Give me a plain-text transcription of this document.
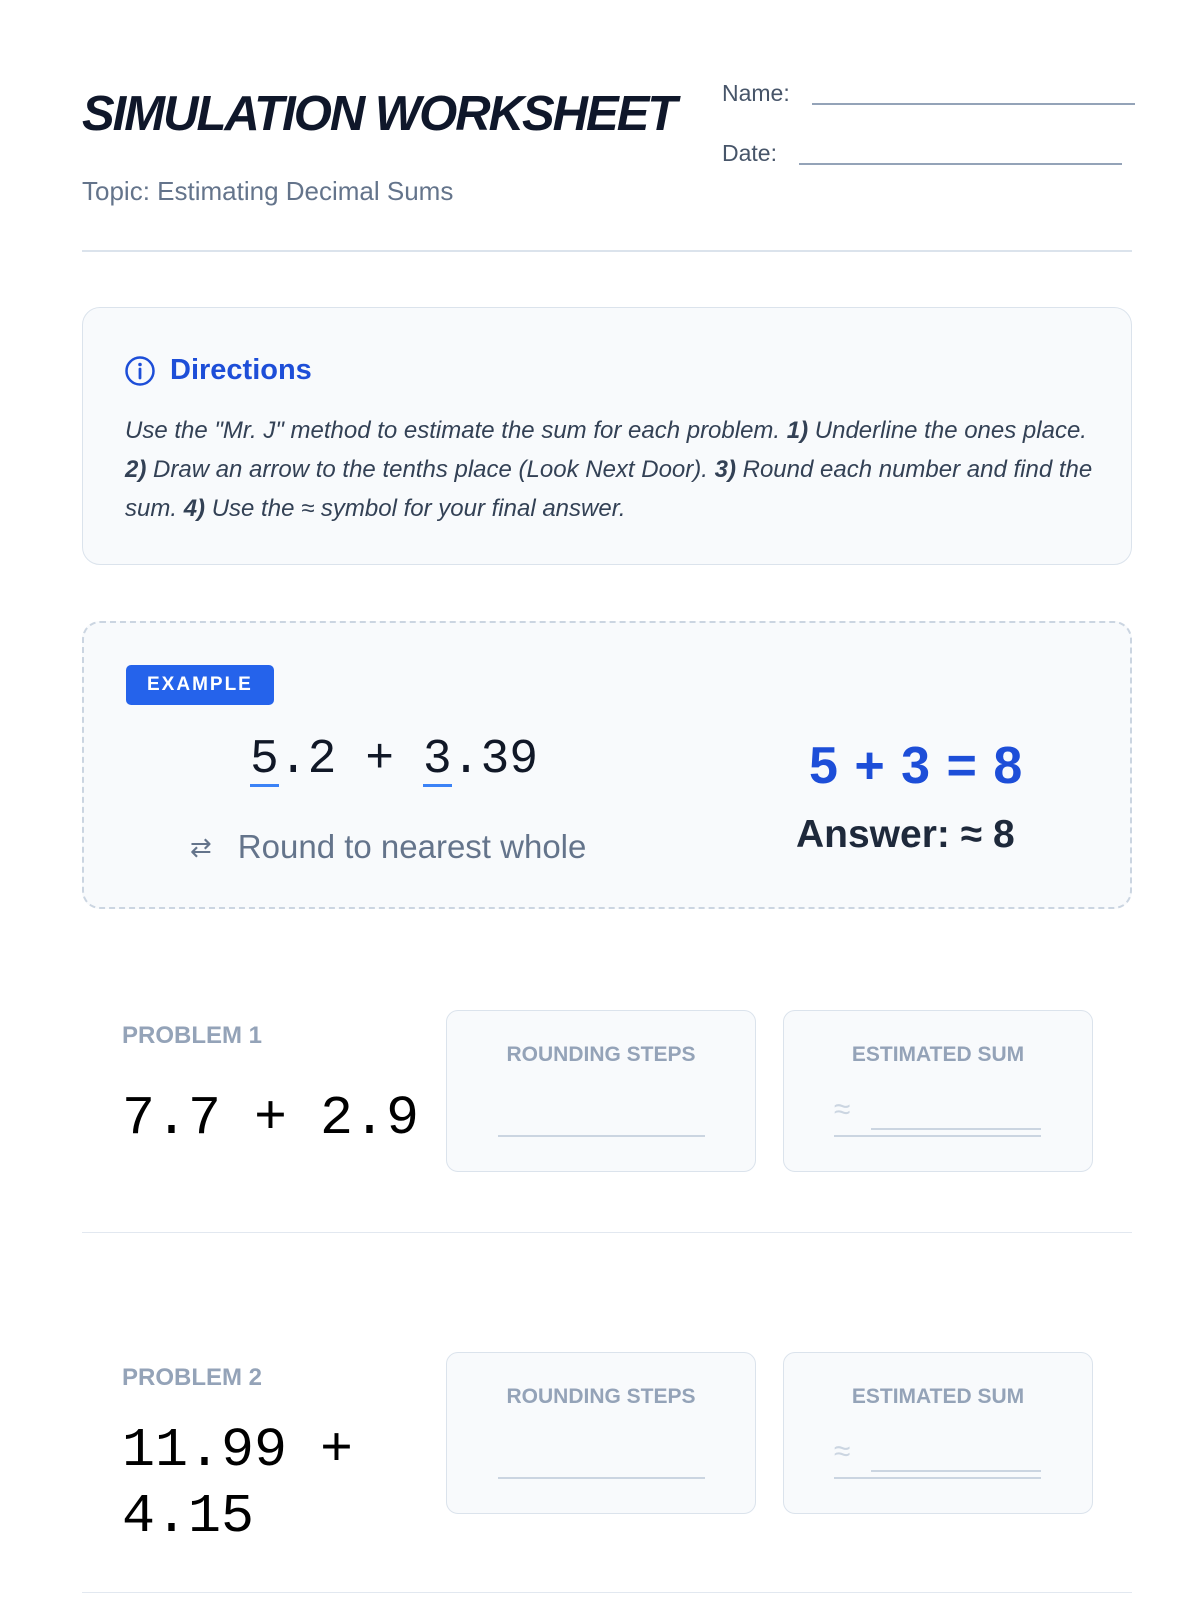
SIMULATION WORKSHEET
Topic: Estimating Decimal Sums
Name:
Date:
Directions
Use the "Mr. J" method to estimate the sum for each problem. 1) Underline the ones place. 2) Draw an arrow to the tenths place (Look Next Door). 3) Round each number and find the sum. 4) Use the ≈ symbol for your final answer.
EXAMPLE
5.2 + 3.39
⇄ Round to nearest whole
5 + 3 = 8
Answer: ≈ 8
PROBLEM 1
7.7 + 2.9
ROUNDING STEPS	ESTIMATED SUM
≈
PROBLEM 2
11.99 + 4.15
ROUNDING STEPS	ESTIMATED SUM
≈
